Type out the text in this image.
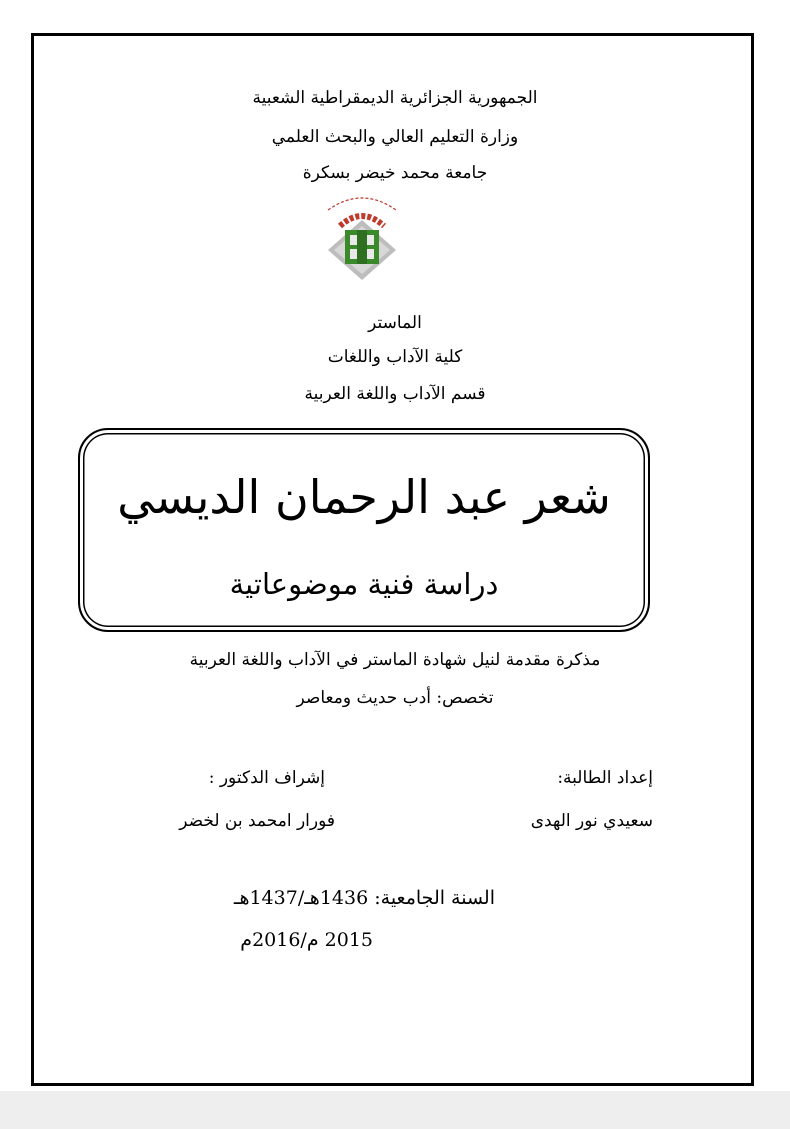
الجمهورية الجزائرية الديمقراطية الشعبية
وزارة التعليم العالي والبحث العلمي
جامعة محمد خيضر بسكرة
الماستر
كلية الآداب واللغات
قسم الآداب واللغة العربية
شعر عبد الرحمان الديسي
دراسة فنية موضوعاتية
مذكرة مقدمة لنيل شهادة الماستر في الآداب واللغة العربية
تخصص: أدب حديث ومعاصر
إعداد الطالبة:
إشراف الدكتور :
سعيدي نور الهدى
فورار امحمد بن لخضر
السنة الجامعية: 1436هـ/1437هـ
2015 م/2016م
